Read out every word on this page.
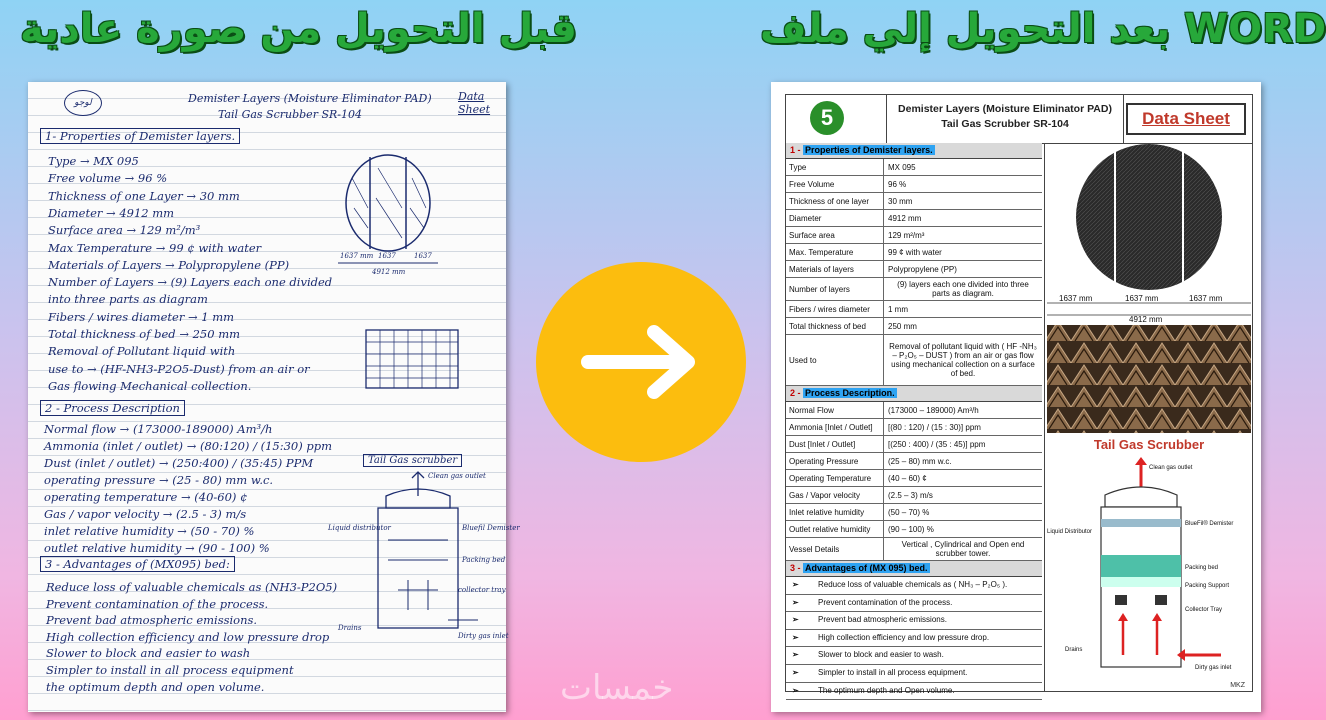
قبل التحويل من صورة عادية	بعد التحويل إلي ملف WORD
لوجو	Demister Layers (Moisture Eliminator PAD)
Tail Gas Scrubber SR-104
Data Sheet
1- Properties of Demister layers.
Type → MX 095
Free volume → 96 %
Thickness of one Layer → 30 mm
Diameter → 4912 mm
Surface area → 129 m²/m³
Max Temperature → 99 ¢ with water
Materials of Layers → Polypropylene (PP)
Number of Layers → (9) Layers each one divided
into three parts as diagram
Fibers / wires diameter → 1 mm
Total thickness of bed → 250 mm
Removal of Pollutant liquid with
use to → (HF-NH3-P2O5-Dust) from an air or
Gas flowing Mechanical collection.
2 - Process Description
Normal flow → (173000-189000) Am³/h
Ammonia (inlet / outlet) → (80:120) / (15:30) ppm
Dust (inlet / outlet) → (250:400) / (35:45) PPM
operating pressure → (25 - 80) mm w.c.
operating temperature → (40-60) ¢
Gas / vapor velocity → (2.5 - 3) m/s
inlet relative humidity → (50 - 70) %
outlet relative humidity → (90 - 100) %
3 - Advantages of (MX095) bed:
Reduce loss of valuable chemicals as (NH3-P2O5)
Prevent contamination of the process.
Prevent bad atmospheric emissions.
High collection efficiency and low pressure drop
Slower to block and easier to wash
Simpler to install in all process equipment
the optimum depth and open volume.
1637 mm 1637	1637
4912 mm
Tail Gas scrubber
Clean gas outlet
Liquid distributor	Bluefil Demister
Packing bed
collector tray
Drains
Dirty gas inlet
5	Demister Layers (Moisture Eliminator PAD)
Tail Gas Scrubber SR-104	Data Sheet
1 - Properties of Demister layers.
Type	MX 095
Free Volume	96 %
Thickness of one layer	30 mm
Diameter	4912 mm
Surface area	129 m²/m³
Max. Temperature	99 ¢ with water
Materials of layers	Polypropylene (PP)
Number of layers	(9) layers each one divided into three parts as diagram.
Fibers / wires diameter	1 mm
Total thickness of bed	250 mm
Used to
Removal of pollutant liquid with ( HF -NH₃ – P₂O₅ – DUST ) from an air or gas flow using mechanical collection on a surface of bed.
2 - Process Description.
Normal Flow	(173000 – 189000) Am³/h
Ammonia [Inlet / Outlet]	[(80 : 120) / (15 : 30)] ppm
Dust [Inlet / Outlet]	[(250 : 400) / (35 : 45)] ppm
Operating Pressure	(25 – 80) mm w.c.
Operating Temperature	(40 – 60) ¢
Gas / Vapor velocity	(2.5 – 3) m/s
Inlet relative humidity	(50 – 70) %
Outlet relative humidity	(90 – 100) %
Vessel Details	Vertical , Cylindrical and Open end scrubber tower.
3 - Advantages of (MX 095) bed.
➢ Reduce loss of valuable chemicals as ( NH₃ – P₂O₅ ).
➢ Prevent contamination of the process.
➢ Prevent bad atmospheric emissions.
➢ High collection efficiency and low pressure drop.
➢ Slower to block and easier to wash.
➢ Simpler to install in all process equipment.
➢ The optimum depth and Open volume.
1637 mm	1637 mm	1637 mm
4912 mm
Tail Gas Scrubber
Clean gas outlet
Liquid Distributor
BlueFil® Demister
Packing bed
Packing Support
Collector Tray
Drains
Dirty gas inlet
MKZ
خمسات
